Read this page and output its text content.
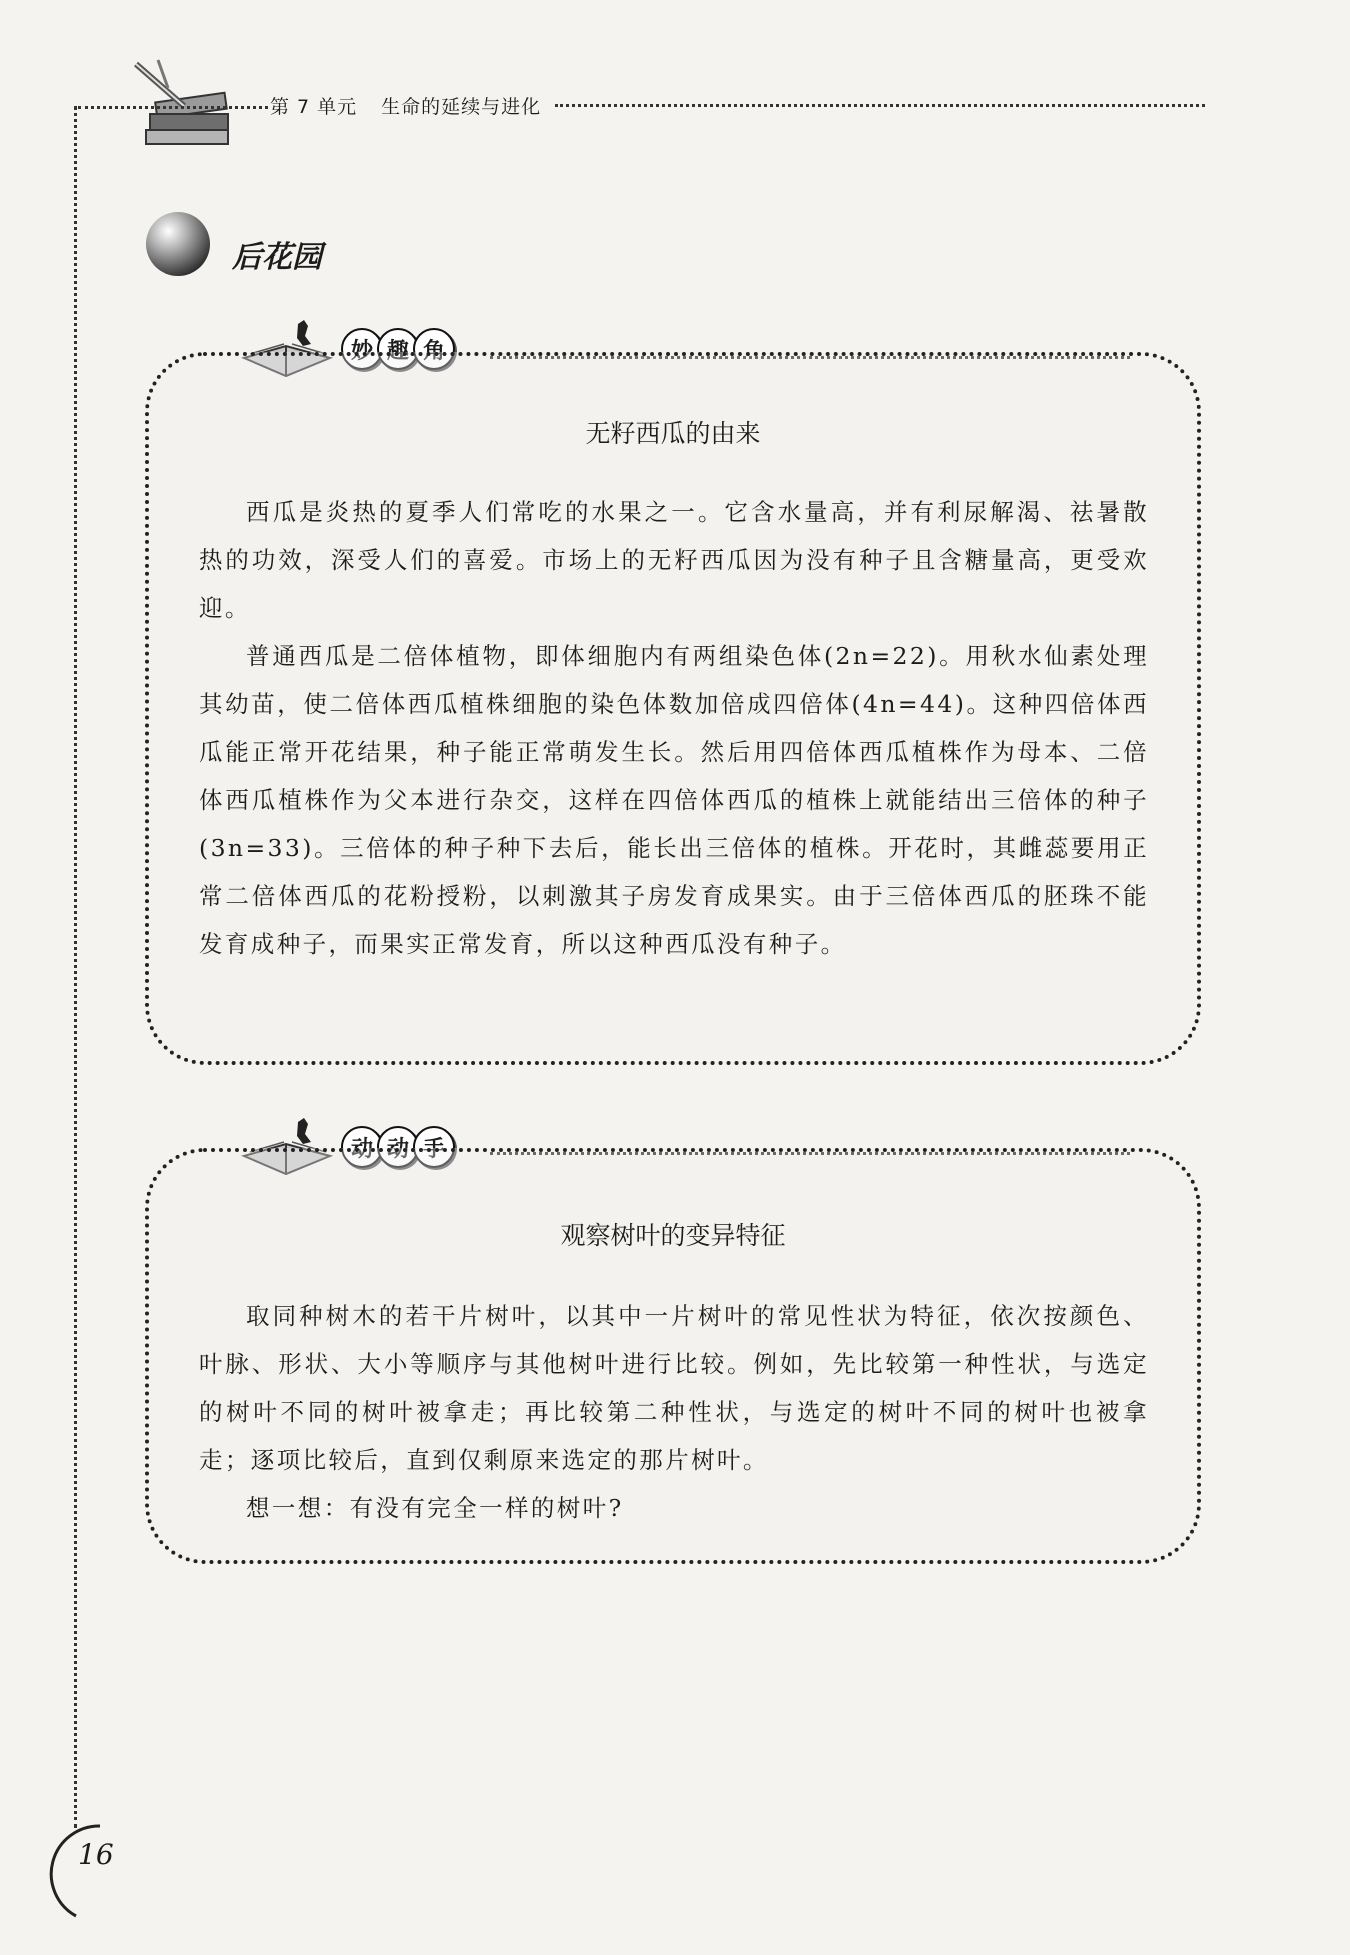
第 7 单元 生命的延续与进化
后花园
妙 趣 角
无籽西瓜的由来

西瓜是炎热的夏季人们常吃的水果之一。它含水量高，并有利尿解渴、祛暑散热的功效，深受人们的喜爱。市场上的无籽西瓜因为没有种子且含糖量高，更受欢迎。

普通西瓜是二倍体植物，即体细胞内有两组染色体(2n=22)。用秋水仙素处理其幼苗，使二倍体西瓜植株细胞的染色体数加倍成四倍体(4n=44)。这种四倍体西瓜能正常开花结果，种子能正常萌发生长。然后用四倍体西瓜植株作为母本、二倍体西瓜植株作为父本进行杂交，这样在四倍体西瓜的植株上就能结出三倍体的种子(3n=33)。三倍体的种子种下去后，能长出三倍体的植株。开花时，其雌蕊要用正常二倍体西瓜的花粉授粉，以刺激其子房发育成果实。由于三倍体西瓜的胚珠不能发育成种子，而果实正常发育，所以这种西瓜没有种子。

动 动 手
观察树叶的变异特征

取同种树木的若干片树叶，以其中一片树叶的常见性状为特征，依次按颜色、叶脉、形状、大小等顺序与其他树叶进行比较。例如，先比较第一种性状，与选定的树叶不同的树叶被拿走；再比较第二种性状，与选定的树叶不同的树叶也被拿走；逐项比较后，直到仅剩原来选定的那片树叶。

想一想：有没有完全一样的树叶?

16
